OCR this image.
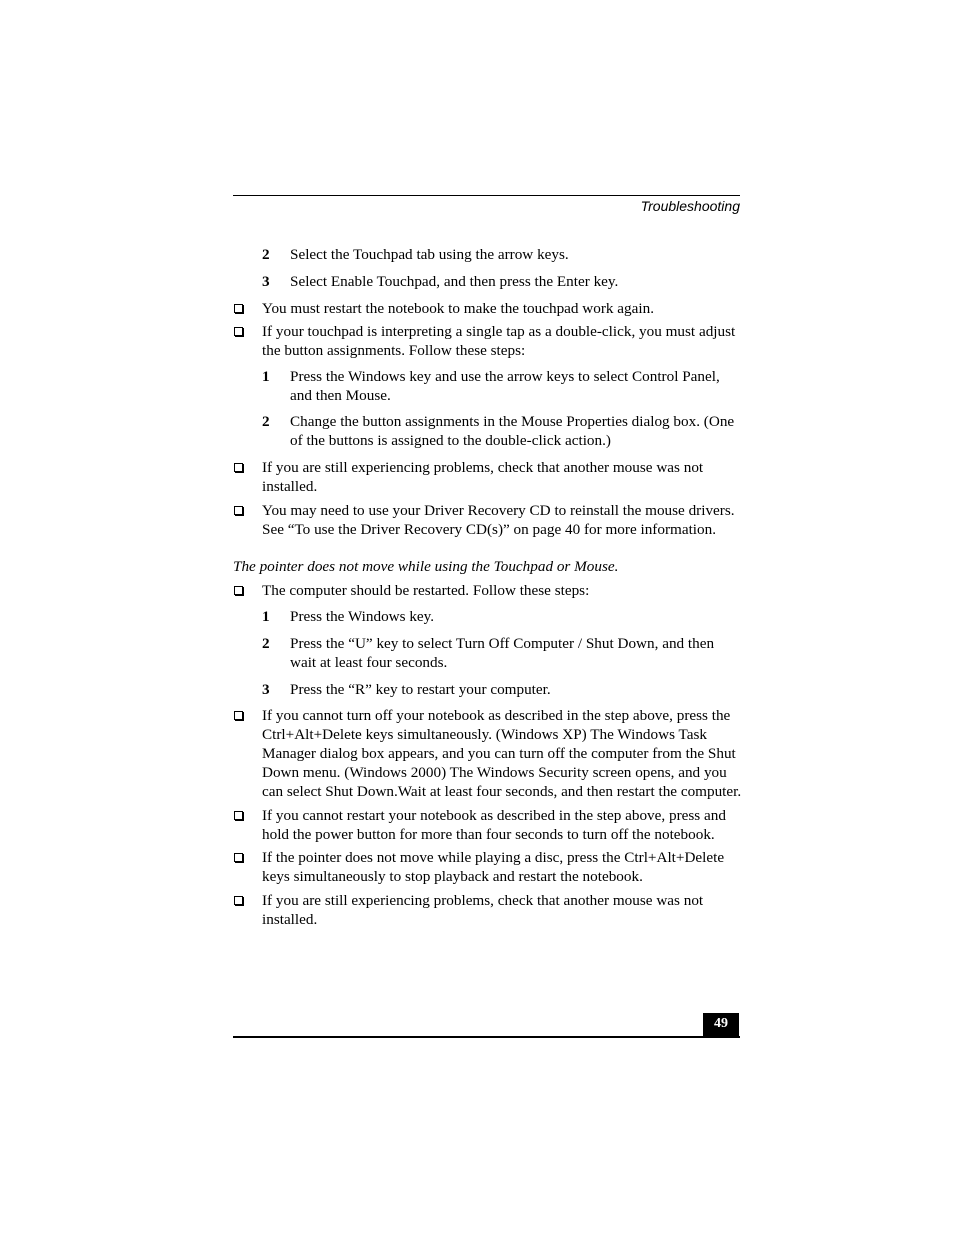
Troubleshooting
2 Select the Touchpad tab using the arrow keys.
3 Select Enable Touchpad, and then press the Enter key.
You must restart the notebook to make the touchpad work again.
If your touchpad is interpreting a single tap as a double-click, you must adjust the button assignments. Follow these steps:
1 Press the Windows key and use the arrow keys to select Control Panel, and then Mouse.
2 Change the button assignments in the Mouse Properties dialog box. (One of the buttons is assigned to the double-click action.)
If you are still experiencing problems, check that another mouse was not installed.
You may need to use your Driver Recovery CD to reinstall the mouse drivers. See “To use the Driver Recovery CD(s)” on page 40 for more information.
The pointer does not move while using the Touchpad or Mouse.
The computer should be restarted. Follow these steps:
1 Press the Windows key.
2 Press the “U” key to select Turn Off Computer / Shut Down, and then wait at least four seconds.
3 Press the “R” key to restart your computer.
If you cannot turn off your notebook as described in the step above, press the Ctrl+Alt+Delete keys simultaneously. (Windows XP) The Windows Task Manager dialog box appears, and you can turn off the computer from the Shut Down menu. (Windows 2000) The Windows Security screen opens, and you can select Shut Down.Wait at least four seconds, and then restart the computer.
If you cannot restart your notebook as described in the step above, press and hold the power button for more than four seconds to turn off the notebook.
If the pointer does not move while playing a disc, press the Ctrl+Alt+Delete keys simultaneously to stop playback and restart the notebook.
If you are still experiencing problems, check that another mouse was not installed.
49
